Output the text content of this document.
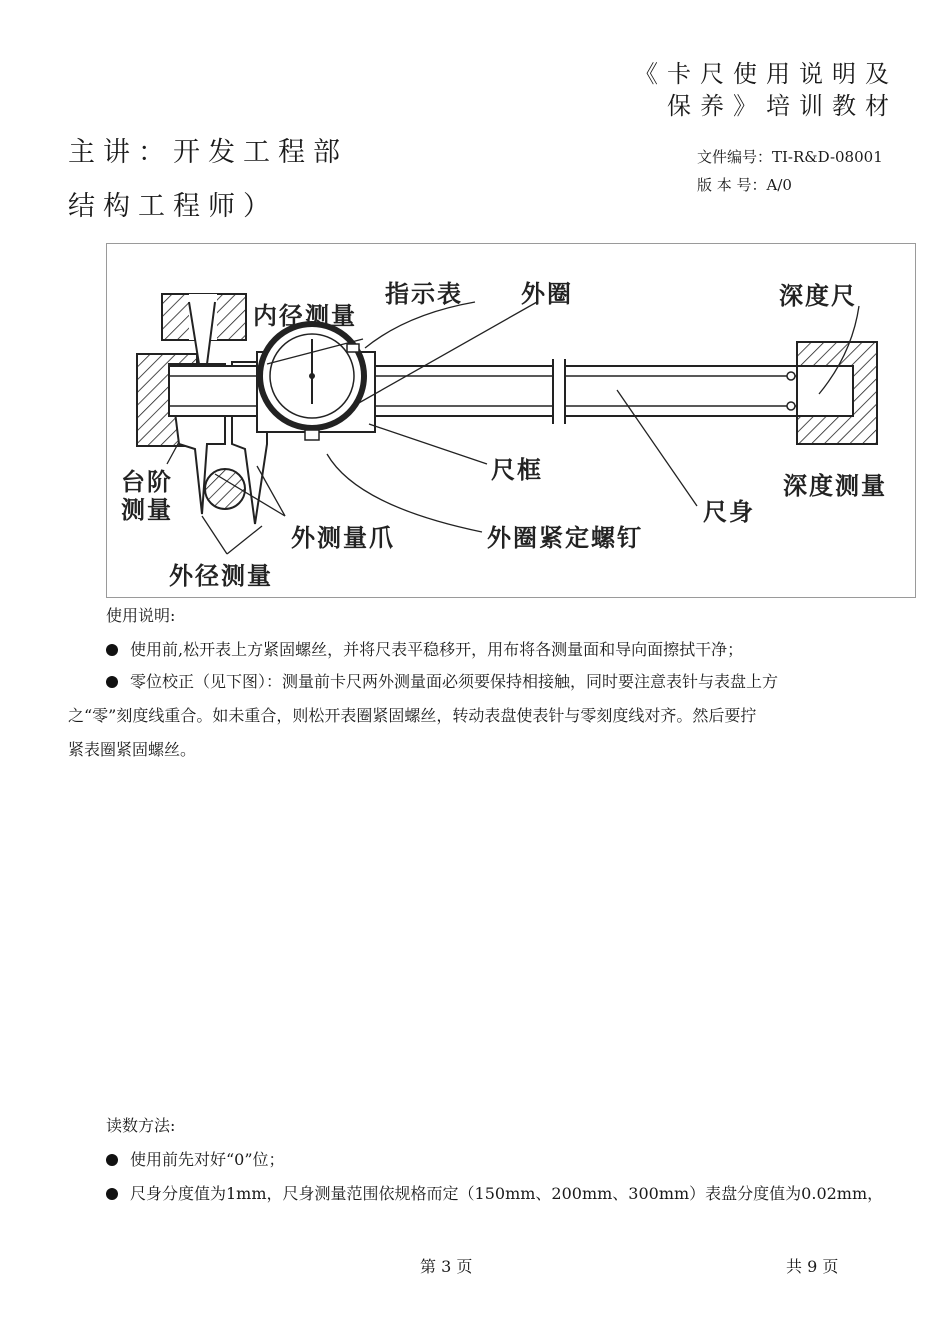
《卡尺使用说明及
保养》培训教材
主讲：开发工程部
结构工程师）
文件编号：TI-R&D-08001
版 本 号：A/0
内径测量
指示表 外圈	深度尺
台阶
测量
尺框
深度测量
尺身
外测量爪	外圈紧定螺钉
外径测量
使用说明:
使用前,松开表上方紧固螺丝，并将尺表平稳移开，用布将各测量面和导向面擦拭干净；
零位校正（见下图）：测量前卡尺两外测量面必须要保持相接触，同时要注意表针与表盘上方
之“零”刻度线重合。如未重合，则松开表圈紧固螺丝，转动表盘使表针与零刻度线对齐。然后要拧
紧表圈紧固螺丝。
读数方法:
使用前先对好“0”位；
尺身分度值为1mm，尺身测量范围依规格而定（150mm、200mm、300mm）表盘分度值为0.02mm，
第 3 页	共 9 页
